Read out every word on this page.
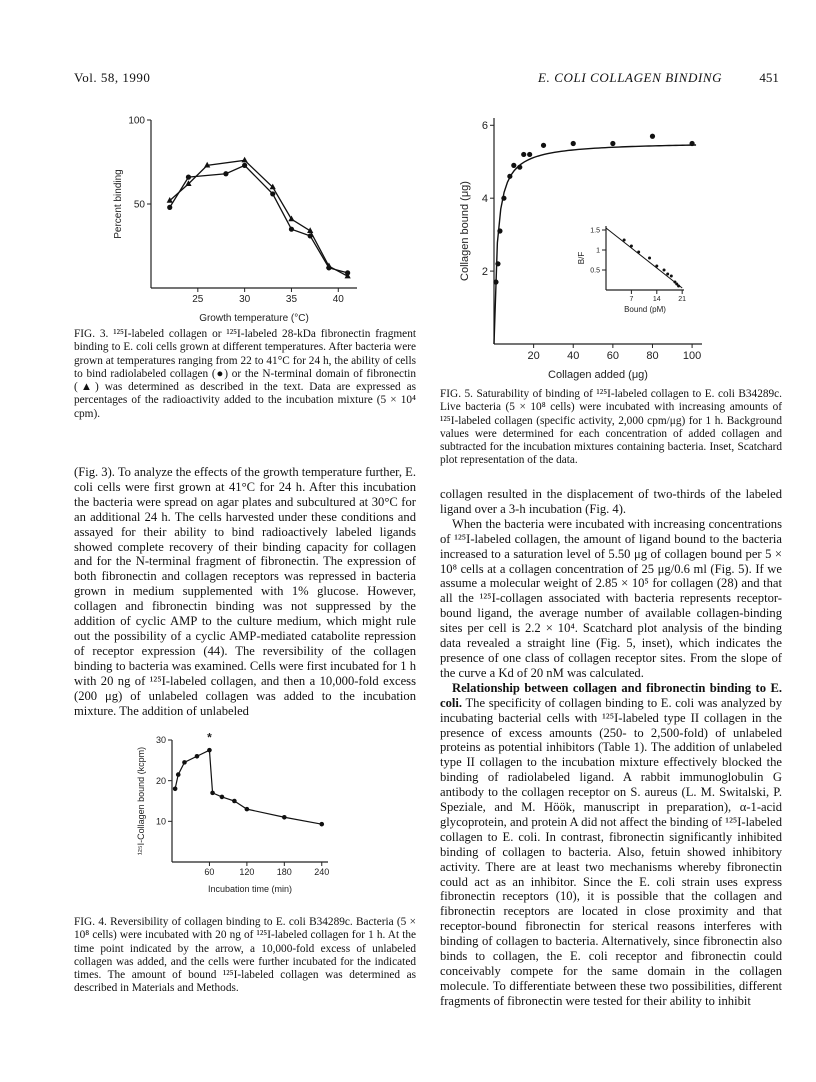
Vol. 58, 1990	E. COLI COLLAGEN BINDING	451
25	30	35	40
50
100
Growth temperature (°C)
Percent binding
FIG. 3. ¹²⁵I-labeled collagen or ¹²⁵I-labeled 28-kDa fibronectin fragment binding to E. coli cells grown at different temperatures. After bacteria were grown at temperatures ranging from 22 to 41°C for 24 h, the ability of cells to bind radiolabeled collagen (●) or the N-terminal domain of fibronectin (▲) was determined as described in the text. Data are expressed as percentages of the radioactivity added to the incubation mixture (5 × 10⁴ cpm).

(Fig. 3). To analyze the effects of the growth temperature further, E. coli cells were first grown at 41°C for 24 h. After this incubation the bacteria were spread on agar plates and subcultured at 30°C for an additional 24 h. The cells harvested under these conditions and assayed for their ability to bind radioactively labeled ligands showed complete recovery of their binding capacity for collagen and for the N-terminal fragment of fibronectin. The expression of both fibronectin and collagen receptors was repressed in bacteria grown in medium supplemented with 1% glucose. However, collagen and fibronectin binding was not suppressed by the addition of cyclic AMP to the culture medium, which might rule out the possibility of a cyclic AMP-mediated catabolite repression of receptor expression (44). The reversibility of the collagen binding to bacteria was examined. Cells were first incubated for 1 h with 20 ng of ¹²⁵I-labeled collagen, and then a 10,000-fold excess (200 μg) of unlabeled collagen was added to the incubation mixture. The addition of unlabeled

60	120 180 240
10
20
30
Incubation time (min)
¹²⁵I-Collagen bound (kcpm)
*
FIG. 4. Reversibility of collagen binding to E. coli B34289c. Bacteria (5 × 10⁸ cells) were incubated with 20 ng of ¹²⁵I-labeled collagen for 1 h. At the time point indicated by the arrow, a 10,000-fold excess of unlabeled collagen was added, and the cells were further incubated for the indicated times. The amount of bound ¹²⁵I-labeled collagen was determined as described in Materials and Methods.
20 40 60 80 100
2
4
6
Collagen added (μg)
Collagen bound (μg)
7	14	21
0.5
1
1.5
Bound (pM)
B/F
FIG. 5. Saturability of binding of ¹²⁵I-labeled collagen to E. coli B34289c. Live bacteria (5 × 10⁸ cells) were incubated with increasing amounts of ¹²⁵I-labeled collagen (specific activity, 2,000 cpm/μg) for 1 h. Background values were determined for each concentration of added collagen and subtracted for the incubation mixtures containing bacteria. Inset, Scatchard plot representation of the data.

collagen resulted in the displacement of two-thirds of the labeled ligand over a 3-h incubation (Fig. 4).

When the bacteria were incubated with increasing concentrations of ¹²⁵I-labeled collagen, the amount of ligand bound to the bacteria increased to a saturation level of 5.50 μg of collagen bound per 5 × 10⁸ cells at a collagen concentration of 25 μg/0.6 ml (Fig. 5). If we assume a molecular weight of 2.85 × 10⁵ for collagen (28) and that all the ¹²⁵I-collagen associated with bacteria represents receptor-bound ligand, the average number of available collagen-binding sites per cell is 2.2 × 10⁴. Scatchard plot analysis of the binding data revealed a straight line (Fig. 5, inset), which indicates the presence of one class of collagen receptor sites. From the slope of the curve a Kd of 20 nM was calculated.

Relationship between collagen and fibronectin binding to E. coli. The specificity of collagen binding to E. coli was analyzed by incubating bacterial cells with ¹²⁵I-labeled type II collagen in the presence of excess amounts (250- to 2,500-fold) of unlabeled proteins as potential inhibitors (Table 1). The addition of unlabeled type II collagen to the incubation mixture effectively blocked the binding of radiolabeled ligand. A rabbit immunoglobulin G antibody to the collagen receptor on S. aureus (L. M. Switalski, P. Speziale, and M. Höök, manuscript in preparation), α-1-acid glycoprotein, and protein A did not affect the binding of ¹²⁵I-labeled collagen to E. coli. In contrast, fibronectin significantly inhibited binding of collagen to bacteria. Also, fetuin showed inhibitory activity. There are at least two mechanisms whereby fibronectin could act as an inhibitor. Since the E. coli strain uses express fibronectin receptors (10), it is possible that the collagen and fibronectin receptors are located in close proximity and that receptor-bound fibronectin for sterical reasons interferes with binding of collagen to bacteria. Alternatively, since fibronectin also binds to collagen, the E. coli receptor and fibronectin could conceivably compete for the same domain in the collagen molecule. To differentiate between these two possibilities, different fragments of fibronectin were tested for their ability to inhibit
